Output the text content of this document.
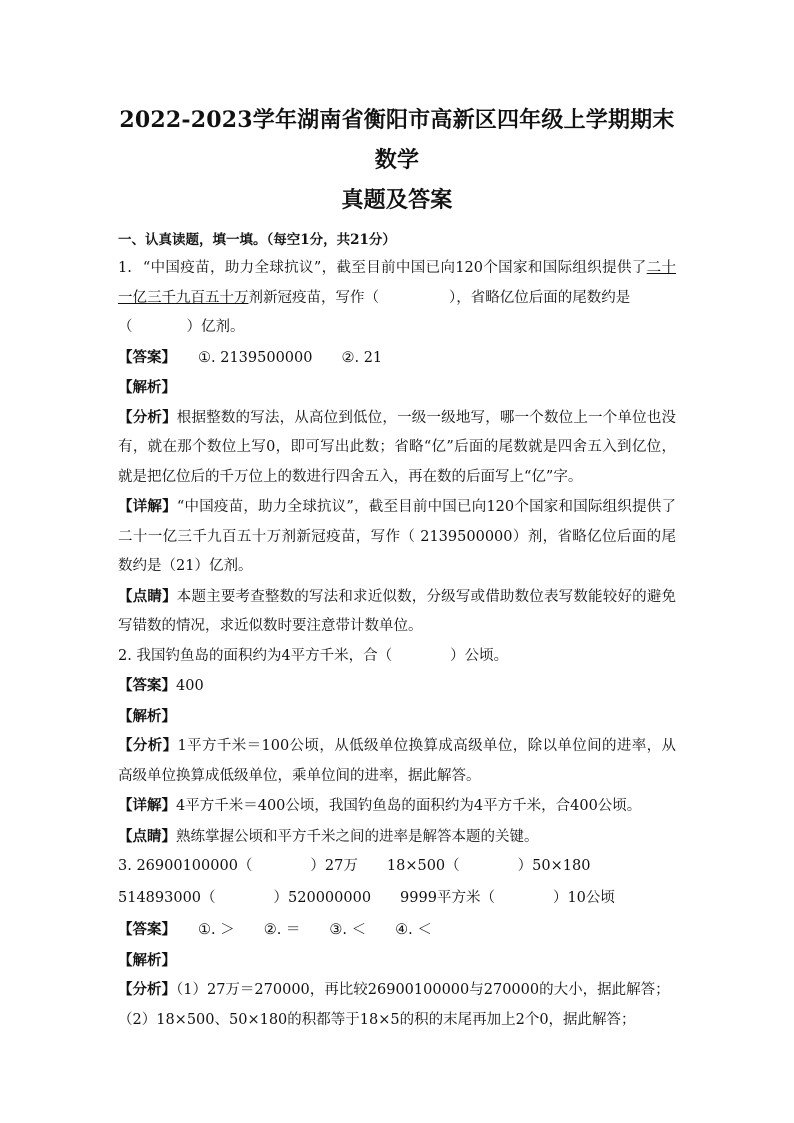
2022-2023学年湖南省衡阳市高新区四年级上学期期末数学

真题及答案

一、认真读题，填一填。（每空1分，共21分）

1. “中国疫苗，助力全球抗议”，截至目前中国已向120个国家和国际组织提供了二十一亿三千九百五十万剂新冠疫苗，写作（	），省略亿位后面的尾数约是
（	）亿剂。

【答案】 ①. 2139500000　　②. 21

【解析】

【分析】根据整数的写法，从高位到低位，一级一级地写，哪一个数位上一个单位也没有，就在那个数位上写0，即可写出此数；省略“亿”后面的尾数就是四舍五入到亿位，就是把亿位后的千万位上的数进行四舍五入，再在数的后面写上“亿”字。

【详解】“中国疫苗，助力全球抗议”，截至目前中国已向120个国家和国际组织提供了二十一亿三千九百五十万剂新冠疫苗，写作（ 2139500000）剂，省略亿位后面的尾数约是（21）亿剂。

【点睛】本题主要考查整数的写法和求近似数，分级写或借助数位表写数能较好的避免写错数的情况，求近似数时要注意带计数单位。

2. 我国钓鱼岛的面积约为4平方千米，合（　　　　）公顷。

【答案】400

【解析】

【分析】1平方千米＝100公顷，从低级单位换算成高级单位，除以单位间的进率，从高级单位换算成低级单位，乘单位间的进率，据此解答。

【详解】4平方千米＝400公顷，我国钓鱼岛的面积约为4平方千米，合400公顷。

【点睛】熟练掌握公顷和平方千米之间的进率是解答本题的关键。

3. 26900100000（　　　　）27万　　18×500（　　　　）50×180

514893000（　　　　）520000000　　9999平方米（　　　　）10公顷

【答案】 ①. ＞　　②. ＝　　③. ＜　　④. ＜

【解析】

【分析】（1）27万＝270000，再比较26900100000与270000的大小，据此解答；

（2）18×500、50×180的积都等于18×5的积的末尾再加上2个0，据此解答；
